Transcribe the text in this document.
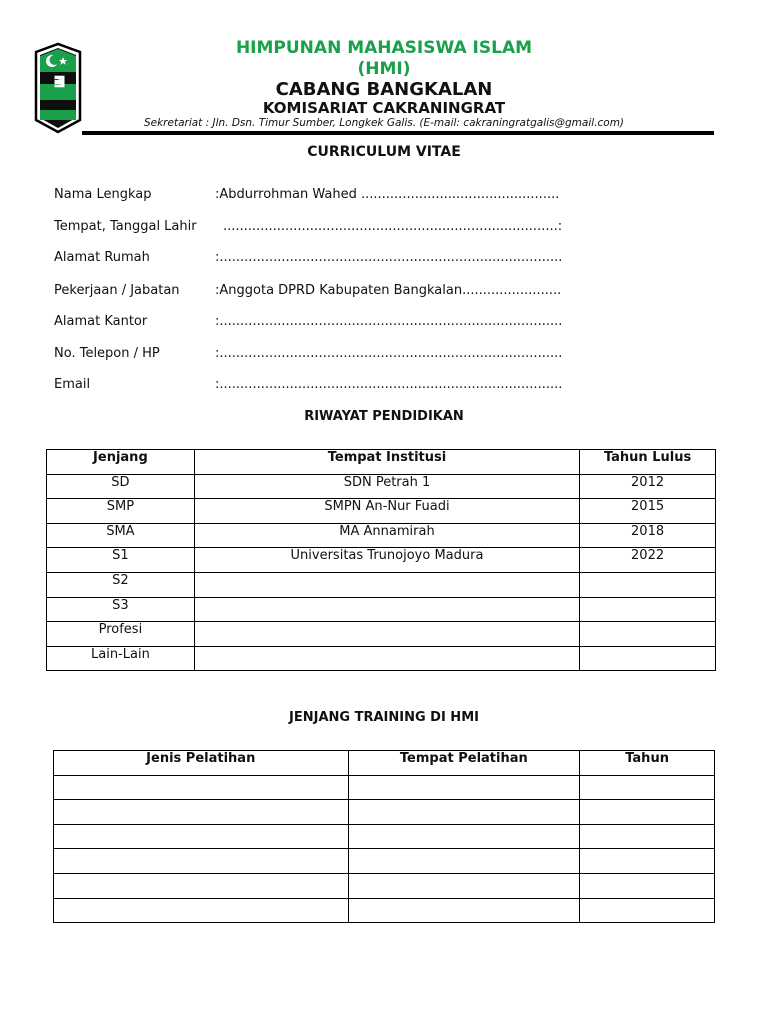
HMI
HIMPUNAN MAHASISWA ISLAM
(HMI)
CABANG BANGKALAN
KOMISARIAT CAKRANINGRAT
Sekretariat : Jln. Dsn. Timur Sumber, Longkek Galis. (E-mail: cakraningratgalis@gmail.com)
CURRICULUM VITAE
Nama Lengkap	:Abdurrohman Wahed ................................................
Tempat, Tanggal Lahir .................................................................................:
Alamat Rumah	:...................................................................................
Pekerjaan / Jabatan	:Anggota DPRD Kabupaten Bangkalan........................
Alamat Kantor	:...................................................................................
No. Telepon / HP	:...................................................................................
Email	:...................................................................................
RIWAYAT PENDIDIKAN
Jenjang	Tempat Institusi	Tahun Lulus
SD	SDN Petrah 1	2012
SMP	SMPN An-Nur Fuadi	2015
SMA	MA Annamirah	2018
S1	Universitas Trunojoyo Madura	2022
S2		
S3		
Profesi		
Lain-Lain		
JENJANG TRAINING DI HMI
Jenis Pelatihan	Tempat Pelatihan	Tahun
